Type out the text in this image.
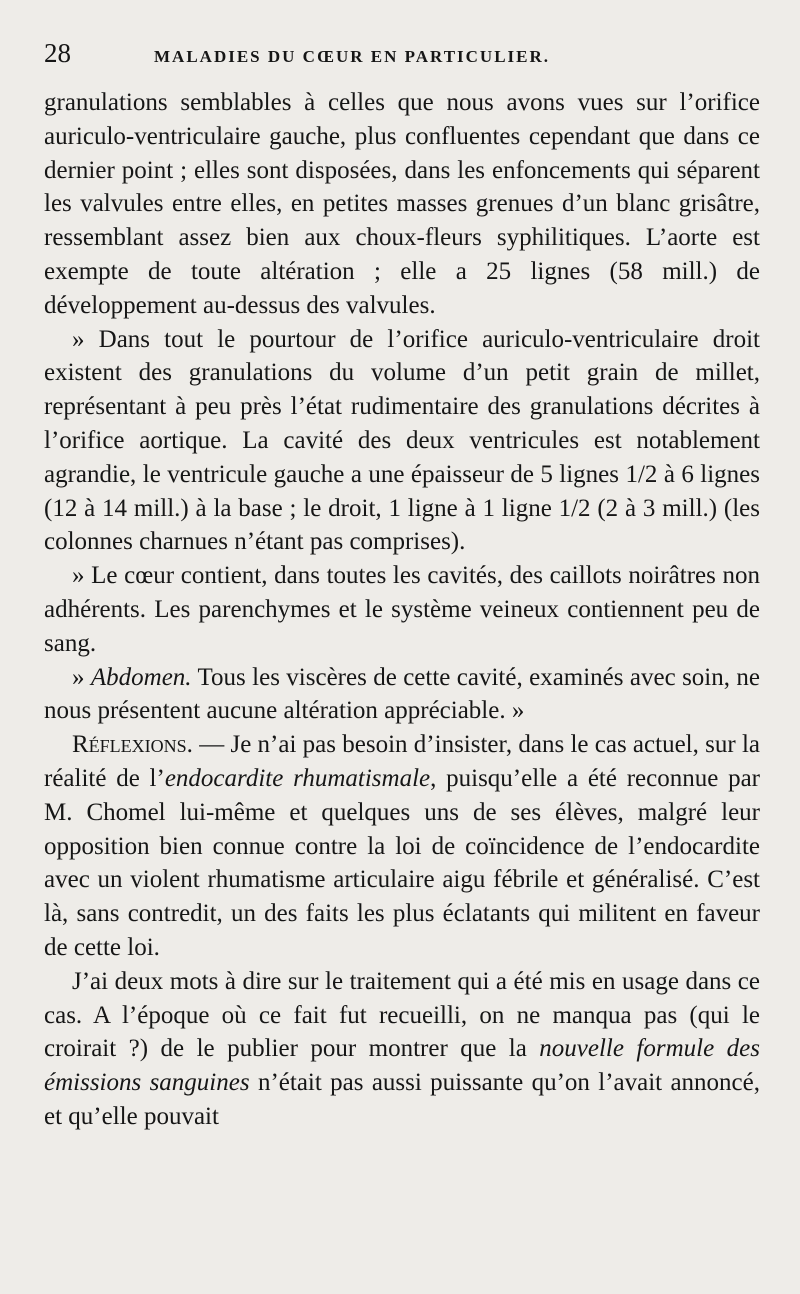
28	MALADIES DU CŒUR EN PARTICULIER.

granulations semblables à celles que nous avons vues sur l’orifice auriculo-ventriculaire gauche, plus confluentes cependant que dans ce dernier point ; elles sont disposées, dans les enfoncements qui séparent les valvules entre elles, en petites masses grenues d’un blanc grisâtre, ressemblant assez bien aux choux-fleurs syphilitiques. L’aorte est exempte de toute altération ; elle a 25 lignes (58 mill.) de développement au-dessus des valvules.

» Dans tout le pourtour de l’orifice auriculo-ventriculaire droit existent des granulations du volume d’un petit grain de millet, représentant à peu près l’état rudimentaire des granulations décrites à l’orifice aortique. La cavité des deux ventricules est notablement agrandie, le ventricule gauche a une épaisseur de 5 lignes 1/2 à 6 lignes (12 à 14 mill.) à la base ; le droit, 1 ligne à 1 ligne 1/2 (2 à 3 mill.) (les colonnes charnues n’étant pas comprises).

» Le cœur contient, dans toutes les cavités, des caillots noirâtres non adhérents. Les parenchymes et le système veineux contiennent peu de sang.

» Abdomen. Tous les viscères de cette cavité, examinés avec soin, ne nous présentent aucune altération appréciable. »

Réflexions. — Je n’ai pas besoin d’insister, dans le cas actuel, sur la réalité de l’endocardite rhumatismale, puisqu’elle a été reconnue par M. Chomel lui-même et quelques uns de ses élèves, malgré leur opposition bien connue contre la loi de coïncidence de l’endocardite avec un violent rhumatisme articulaire aigu fébrile et généralisé. C’est là, sans contredit, un des faits les plus éclatants qui militent en faveur de cette loi.

J’ai deux mots à dire sur le traitement qui a été mis en usage dans ce cas. A l’époque où ce fait fut recueilli, on ne manqua pas (qui le croirait ?) de le publier pour montrer que la nouvelle formule des émissions sanguines n’était pas aussi puissante qu’on l’avait annoncé, et qu’elle pouvait
